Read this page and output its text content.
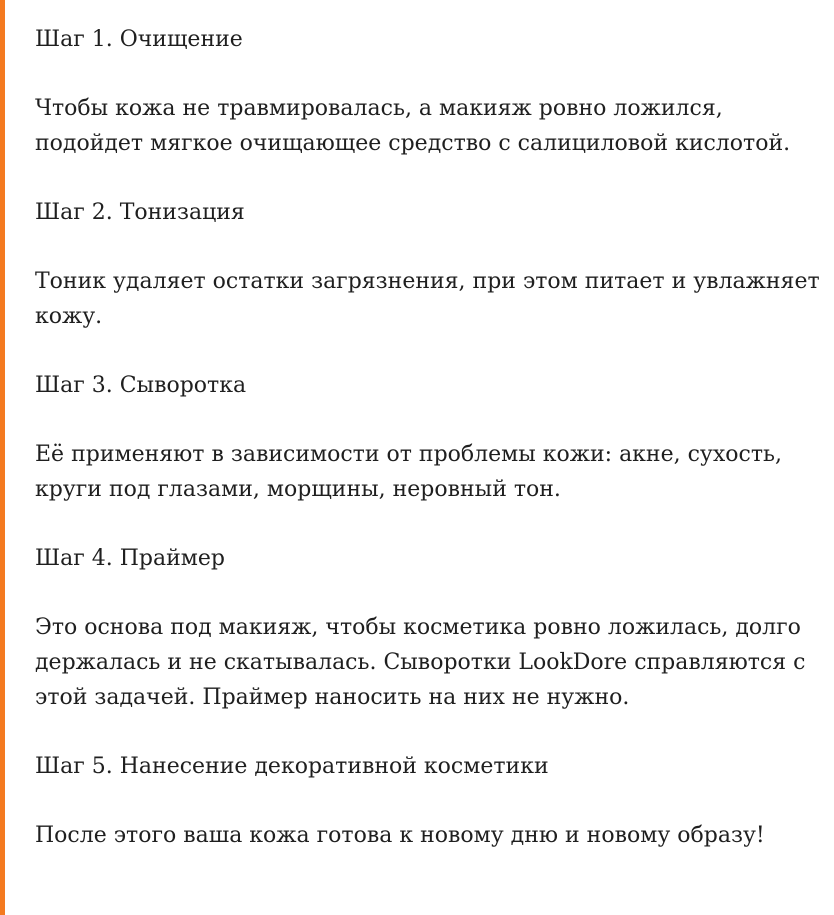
Шаг 1. Очищение

Чтобы кожа не травмировалась, а макияж ровно ложился, подойдет мягкое очищающее средство с салициловой кислотой.

Шаг 2. Тонизация

Тоник удаляет остатки загрязнения, при этом питает и увлажняет кожу.

Шаг 3. Сыворотка

Её применяют в зависимости от проблемы кожи: акне, сухость, круги под глазами, морщины, неровный тон.

Шаг 4. Праймер

Это основа под макияж, чтобы косметика ровно ложилась, долго держалась и не скатывалась. Сыворотки LookDore справляются с этой задачей. Праймер наносить на них не нужно.

Шаг 5. Нанесение декоративной косметики

После этого ваша кожа готова к новому дню и новому образу!
